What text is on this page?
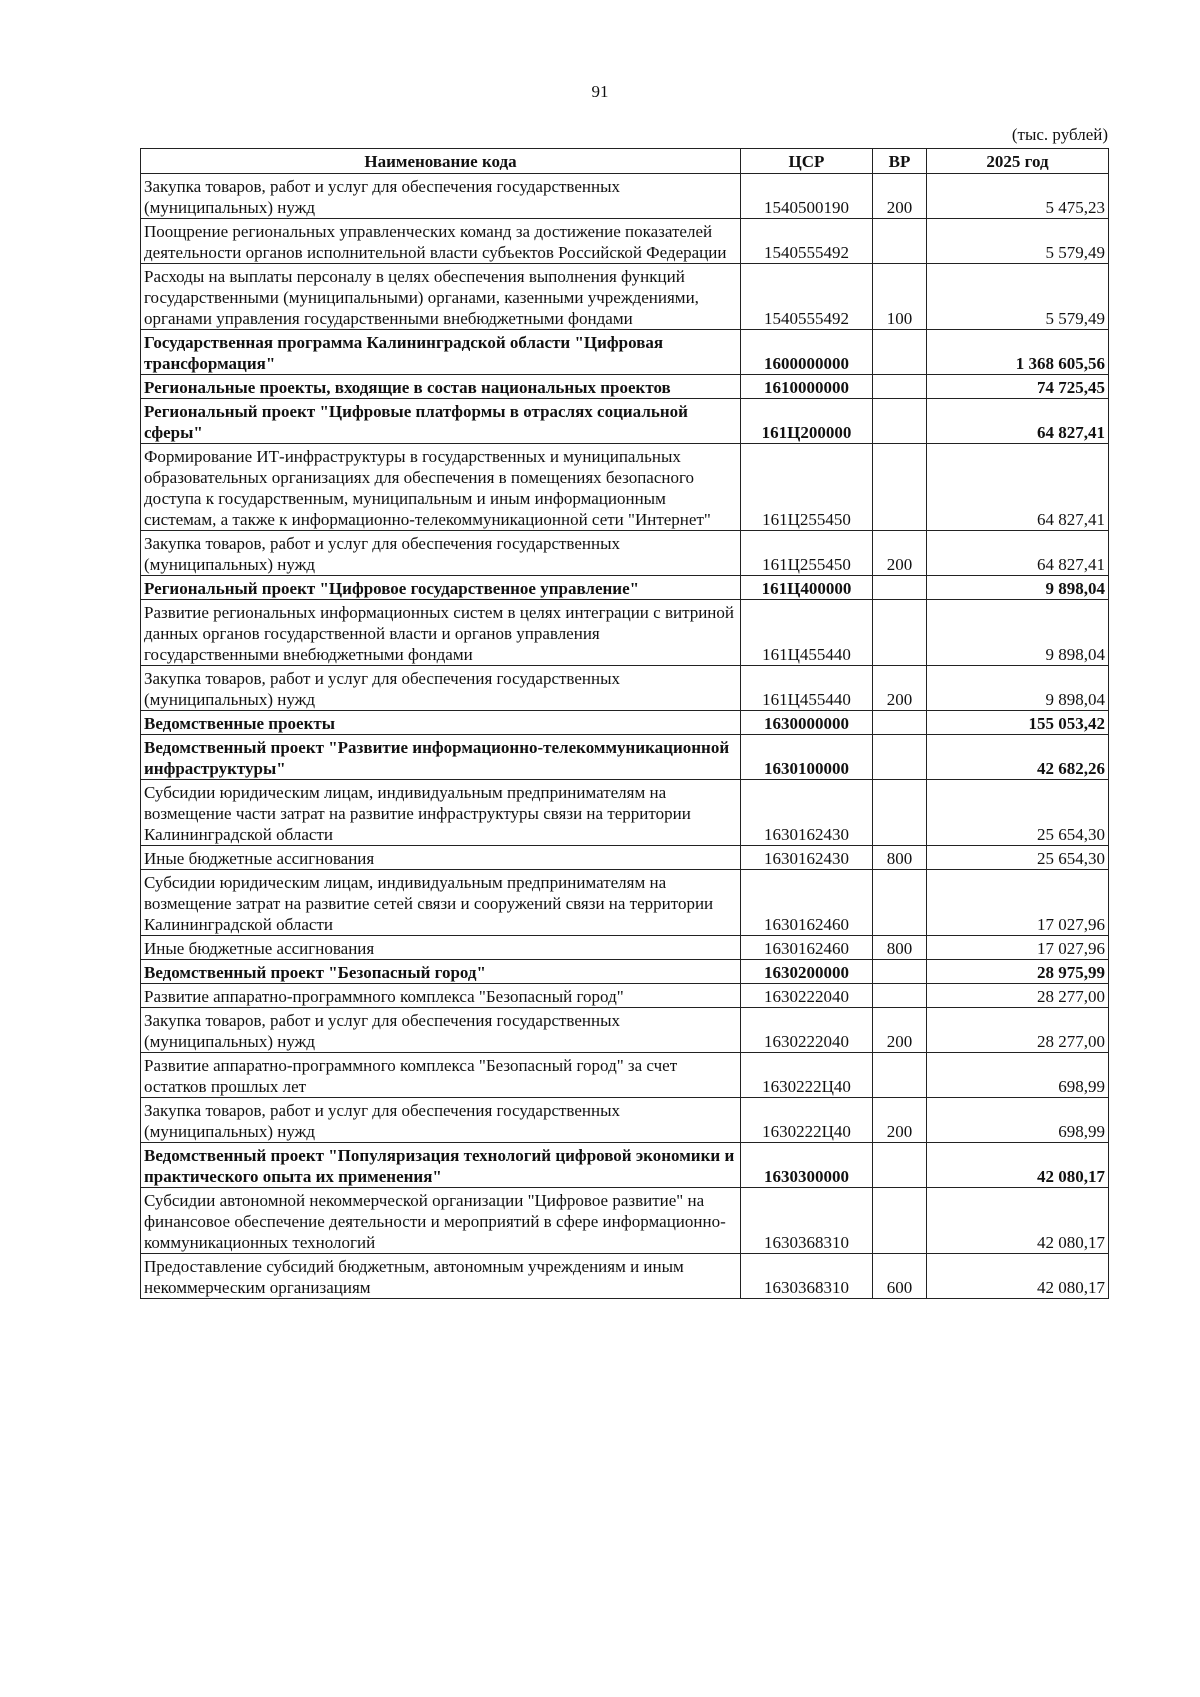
91
(тыс. рублей)
Наименование кода	ЦСР	ВР	2025 год
Закупка товаров, работ и услуг для обеспечения государственных (муниципальных) нужд	1540500190	200	5 475,23
Поощрение региональных управленческих команд за достижение показателей деятельности органов исполнительной власти субъектов Российской Федерации	1540555492		5 579,49
Расходы на выплаты персоналу в целях обеспечения выполнения функций государственными (муниципальными) органами, казенными учреждениями, органами управления государственными внебюджетными фондами	1540555492	100	5 579,49
Государственная программа Калининградской области "Цифровая трансформация"	1600000000		1 368 605,56
Региональные проекты, входящие в состав национальных проектов	1610000000		74 725,45
Региональный проект "Цифровые платформы в отраслях социальной сферы"	161Ц200000		64 827,41
Формирование ИТ-инфраструктуры в государственных и муниципальных образовательных организациях для обеспечения в помещениях безопасного доступа к государственным, муниципальным и иным информационным системам, а также к информационно-телекоммуникационной сети "Интернет"	161Ц255450		64 827,41
Закупка товаров, работ и услуг для обеспечения государственных (муниципальных) нужд	161Ц255450	200	64 827,41
Региональный проект "Цифровое государственное управление"	161Ц400000		9 898,04
Развитие региональных информационных систем в целях интеграции с витриной данных органов государственной власти и органов управления государственными внебюджетными фондами	161Ц455440		9 898,04
Закупка товаров, работ и услуг для обеспечения государственных (муниципальных) нужд	161Ц455440	200	9 898,04
Ведомственные проекты	1630000000		155 053,42
Ведомственный проект "Развитие информационно-телекоммуникационной инфраструктуры"	1630100000		42 682,26
Субсидии юридическим лицам, индивидуальным предпринимателям на возмещение части затрат на развитие инфраструктуры связи на территории Калининградской области	1630162430		25 654,30
Иные бюджетные ассигнования	1630162430	800	25 654,30
Субсидии юридическим лицам, индивидуальным предпринимателям на возмещение затрат на развитие сетей связи и сооружений связи на территории Калининградской области	1630162460		17 027,96
Иные бюджетные ассигнования	1630162460	800	17 027,96
Ведомственный проект "Безопасный город"	1630200000		28 975,99
Развитие аппаратно-программного комплекса "Безопасный город"	1630222040		28 277,00
Закупка товаров, работ и услуг для обеспечения государственных (муниципальных) нужд	1630222040	200	28 277,00
Развитие аппаратно-программного комплекса "Безопасный город" за счет остатков прошлых лет	1630222Ц40		698,99
Закупка товаров, работ и услуг для обеспечения государственных (муниципальных) нужд	1630222Ц40	200	698,99
Ведомственный проект "Популяризация технологий цифровой экономики и практического опыта их применения"	1630300000		42 080,17
Субсидии автономной некоммерческой организации "Цифровое развитие" на финансовое обеспечение деятельности и мероприятий в сфере информационно-коммуникационных технологий	1630368310		42 080,17
Предоставление субсидий бюджетным, автономным учреждениям и иным некоммерческим организациям	1630368310	600	42 080,17
